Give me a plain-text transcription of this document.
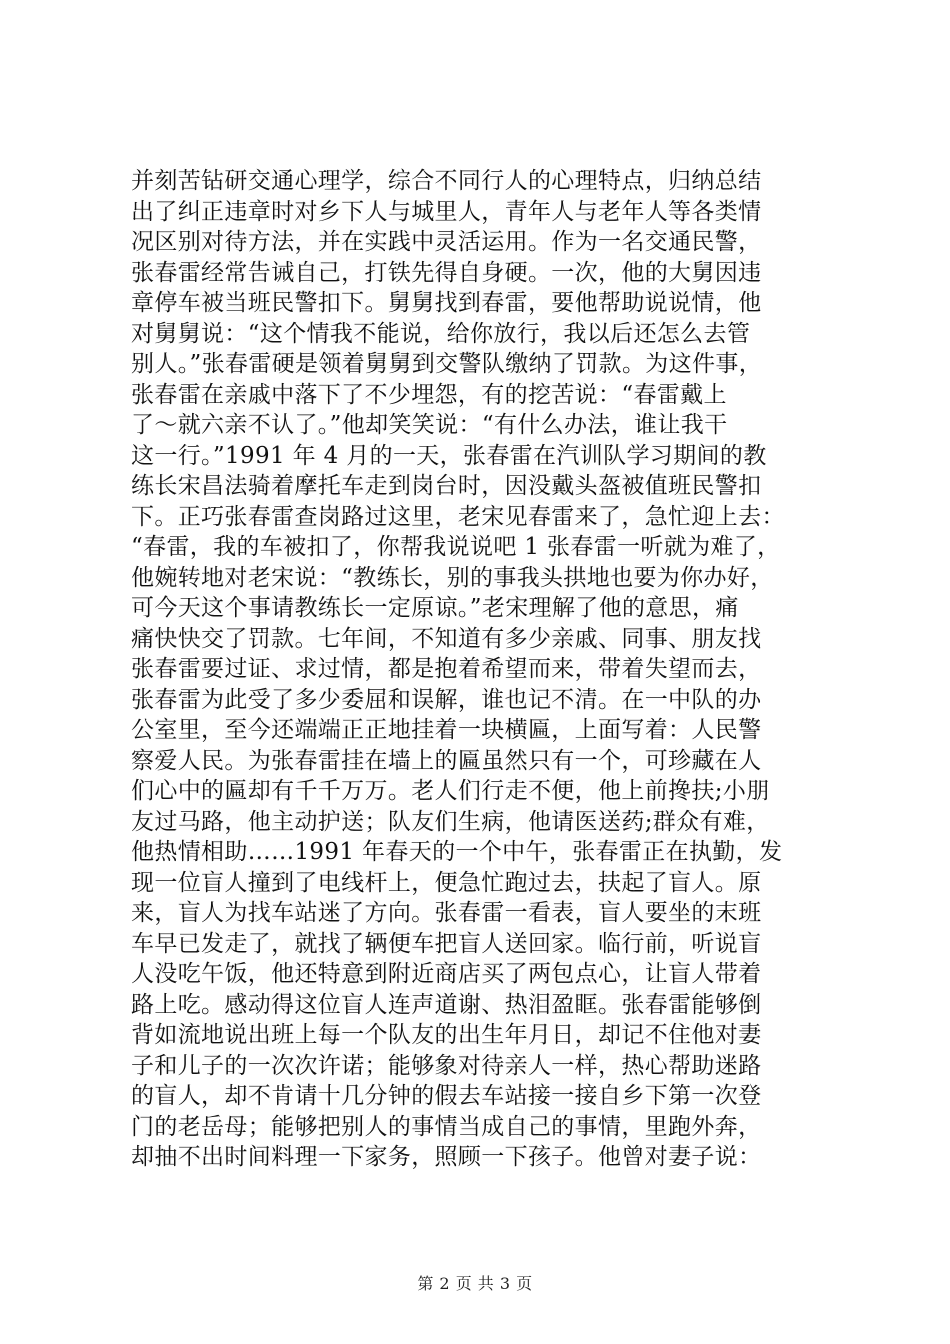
并刻苦钻研交通心理学，综合不同行人的心理特点，归纳总结
出了纠正违章时对乡下人与城里人，青年人与老年人等各类情
况区别对待方法，并在实践中灵活运用。作为一名交通民警，
张春雷经常告诫自己，打铁先得自身硬。一次，他的大舅因违
章停车被当班民警扣下。舅舅找到春雷，要他帮助说说情，他
对舅舅说：“这个情我不能说，给你放行，我以后还怎么去管
别人。”张春雷硬是领着舅舅到交警队缴纳了罚款。为这件事，
张春雷在亲戚中落下了不少埋怨，有的挖苦说：“春雷戴上
了～就六亲不认了。”他却笑笑说：“有什么办法，谁让我干
这一行。”1991 年 4 月的一天，张春雷在汽训队学习期间的教
练长宋昌法骑着摩托车走到岗台时，因没戴头盔被值班民警扣
下。正巧张春雷查岗路过这里，老宋见春雷来了，急忙迎上去：
“春雷，我的车被扣了，你帮我说说吧 1 张春雷一听就为难了，
他婉转地对老宋说：“教练长，别的事我头拱地也要为你办好，
可今天这个事请教练长一定原谅。”老宋理解了他的意思，痛
痛快快交了罚款。七年间，不知道有多少亲戚、同事、朋友找
张春雷要过证、求过情，都是抱着希望而来，带着失望而去，
张春雷为此受了多少委屈和误解，谁也记不清。在一中队的办
公室里，至今还端端正正地挂着一块横匾，上面写着：人民警
察爱人民。为张春雷挂在墙上的匾虽然只有一个，可珍藏在人
们心中的匾却有千千万万。老人们行走不便，他上前搀扶;小朋
友过马路，他主动护送；队友们生病，他请医送药;群众有难，
他热情相助……1991 年春天的一个中午，张春雷正在执勤，发
现一位盲人撞到了电线杆上，便急忙跑过去，扶起了盲人。原
来，盲人为找车站迷了方向。张春雷一看表，盲人要坐的末班
车早已发走了，就找了辆便车把盲人送回家。临行前，听说盲
人没吃午饭，他还特意到附近商店买了两包点心，让盲人带着
路上吃。感动得这位盲人连声道谢、热泪盈眶。张春雷能够倒
背如流地说出班上每一个队友的出生年月日，却记不住他对妻
子和儿子的一次次许诺；能够象对待亲人一样，热心帮助迷路
的盲人，却不肯请十几分钟的假去车站接一接自乡下第一次登
门的老岳母；能够把别人的事情当成自己的事情，里跑外奔，
却抽不出时间料理一下家务，照顾一下孩子。他曾对妻子说：
第 2 页 共 3 页
